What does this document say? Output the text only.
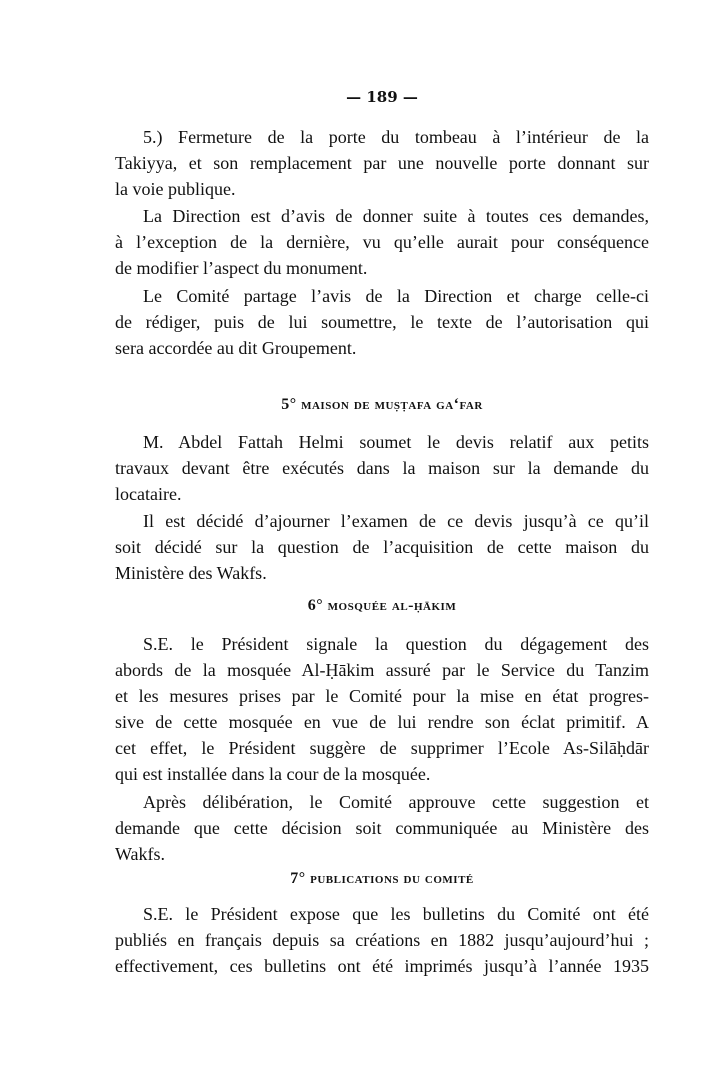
— 189 —
5.) Fermeture de la porte du tombeau à l’intérieur de la
Takiyya, et son remplacement par une nouvelle porte donnant sur
la voie publique.
La Direction est d’avis de donner suite à toutes ces demandes,
à l’exception de la dernière, vu qu’elle aurait pour conséquence
de modifier l’aspect du monument.
Le Comité partage l’avis de la Direction et charge celle-ci
de rédiger, puis de lui soumettre, le texte de l’autorisation qui
sera accordée au dit Groupement.
5° maison de muṣṭafa ga‘far
M. Abdel Fattah Helmi soumet le devis relatif aux petits
travaux devant être exécutés dans la maison sur la demande du
locataire.
Il est décidé d’ajourner l’examen de ce devis jusqu’à ce qu’il
soit décidé sur la question de l’acquisition de cette maison du
Ministère des Wakfs.
6° mosquée al-ḥākim
S.E. le Président signale la question du dégagement des
abords de la mosquée Al-Ḥākim assuré par le Service du Tanzim
et les mesures prises par le Comité pour la mise en état progres-
sive de cette mosquée en vue de lui rendre son éclat primitif. A
cet effet, le Président suggère de supprimer l’Ecole As-Silāḥdār
qui est installée dans la cour de la mosquée.
Après délibération, le Comité approuve cette suggestion et
demande que cette décision soit communiquée au Ministère des
Wakfs.
7° publications du comité
S.E. le Président expose que les bulletins du Comité ont été
publiés en français depuis sa créations en 1882 jusqu’aujourd’hui ;
effectivement, ces bulletins ont été imprimés jusqu’à l’année 1935
